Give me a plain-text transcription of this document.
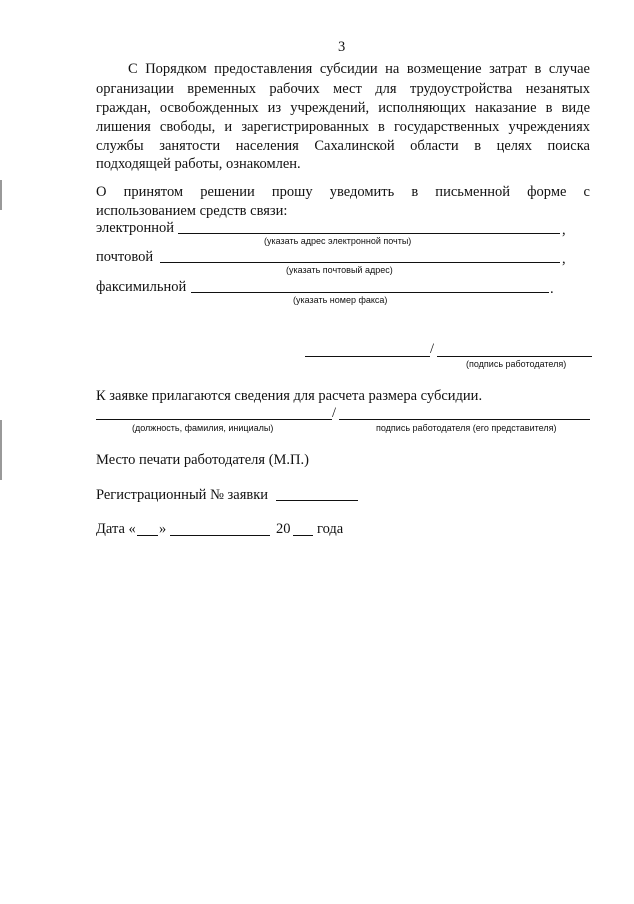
3
С Порядком предоставления субсидии на возмещение затрат в случае
организации временных рабочих мест для трудоустройства незанятых
граждан, освобожденных из учреждений, исполняющих наказание в виде
лишения свободы, и зарегистрированных в государственных учреждениях
службы занятости населения Сахалинской области в целях поиска
подходящей работы, ознакомлен.
О принятом решении прошу уведомить в письменной форме с
использованием средств связи:
электронной	,
(указать адрес электронной почты)
почтовой	,
(указать почтовый адрес)
факсимильной	.
(указать номер факса)
/
(подпись работодателя)
К заявке прилагаются сведения для расчета размера субсидии.
/
(должность, фамилия, инициалы)	подпись работодателя (его представителя)
Место печати работодателя (М.П.)
Регистрационный № заявки
Дата « »	20 года
